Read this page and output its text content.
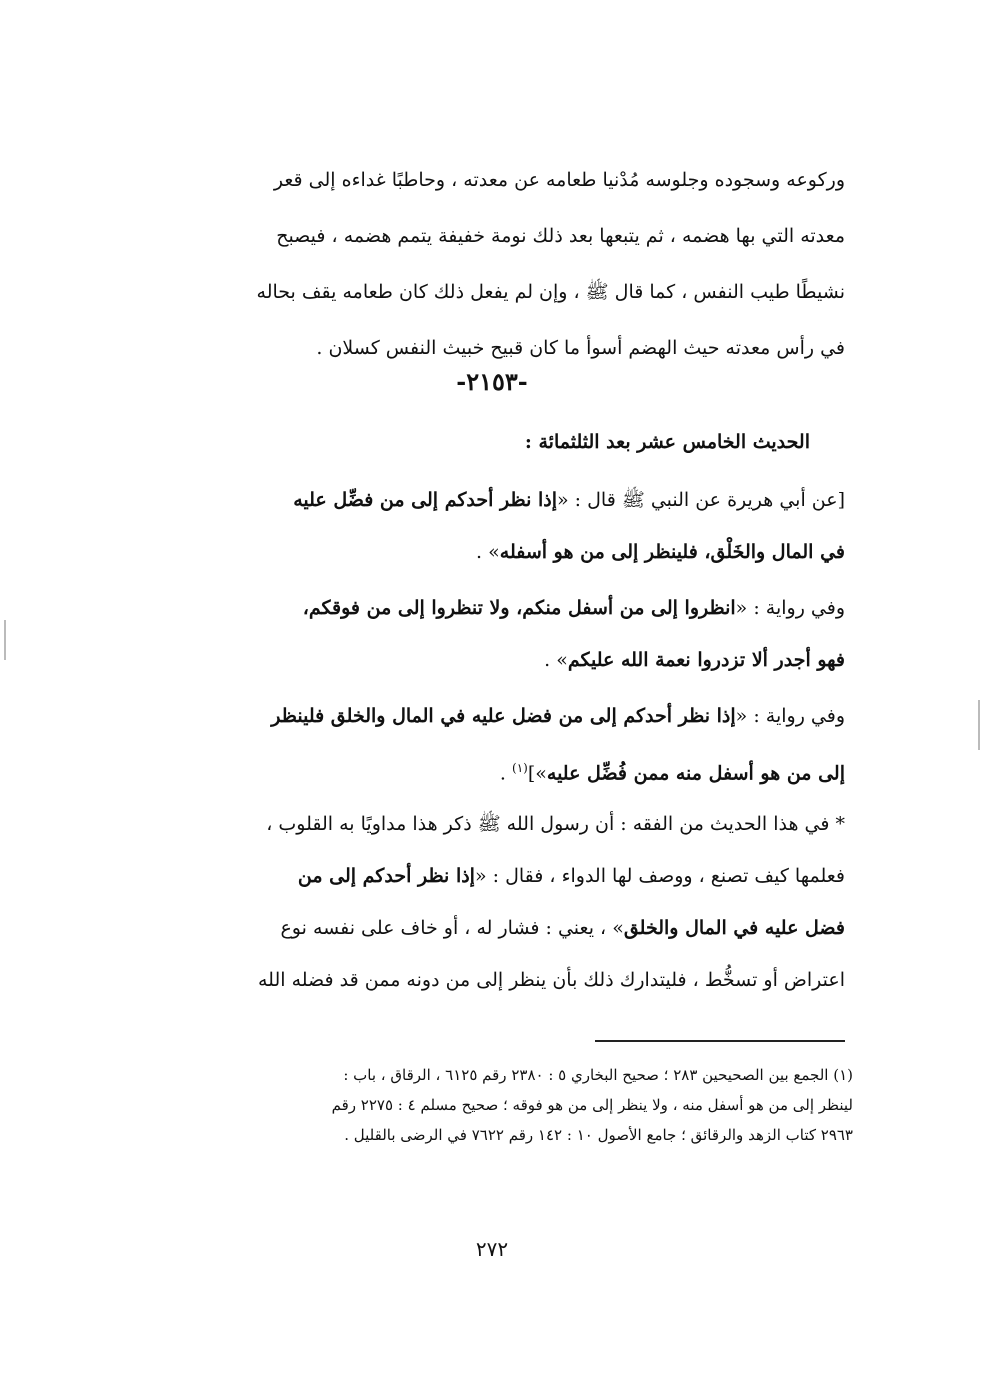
وركوعه وسجوده وجلوسه مُدْنيا طعامه عن معدته ، وحاطبًا غداءه إلى قعر
معدته التي بها هضمه ، ثم يتبعها بعد ذلك نومة خفيفة يتمم هضمه ، فيصبح
نشيطًا طيب النفس ، كما قال ﷺ ، وإن لم يفعل ذلك كان طعامه يقف بحاله
في رأس معدته حيث الهضم أسوأ ما كان قبيح خبيث النفس كسلان .
-٢١٥٣-
الحديث الخامس عشر بعد الثلثمائة :
[عن أبي هريرة عن النبي ﷺ قال : «إذا نظر أحدكم إلى من فضِّل عليه
في المال والخَلْق، فلينظر إلى من هو أسفله» .
وفي رواية : «انظروا إلى من أسفل منكم، ولا تنظروا إلى من فوقكم،
فهو أجدر ألا تزدروا نعمة الله عليكم» .
وفي رواية : «إذا نظر أحدكم إلى من فضل عليه في المال والخلق فلينظر
إلى من هو أسفل منه ممن فُضِّل عليه»]$^{(١)}$ .
* في هذا الحديث من الفقه : أن رسول الله ﷺ ذكر هذا مداويًا به القلوب ،
فعلمها كيف تصنع ، ووصف لها الدواء ، فقال : «إذا نظر أحدكم إلى من
فضل عليه في المال والخلق» ، يعني : فشار له ، أو خاف على نفسه نوع
اعتراض أو تسخُّط ، فليتدارك ذلك بأن ينظر إلى من دونه ممن قد فضله الله
(١) الجمع بين الصحيحين ٢٨٣ ؛ صحيح البخاري ٥ : ٢٣٨٠ رقم ٦١٢٥ ، الرقاق ، باب :
لينظر إلى من هو أسفل منه ، ولا ينظر إلى من هو فوقه ؛ صحيح مسلم ٤ : ٢٢٧٥ رقم
٢٩٦٣ كتاب الزهد والرقائق ؛ جامع الأصول ١٠ : ١٤٢ رقم ٧٦٢٢ في الرضى بالقليل .
٢٧٢
